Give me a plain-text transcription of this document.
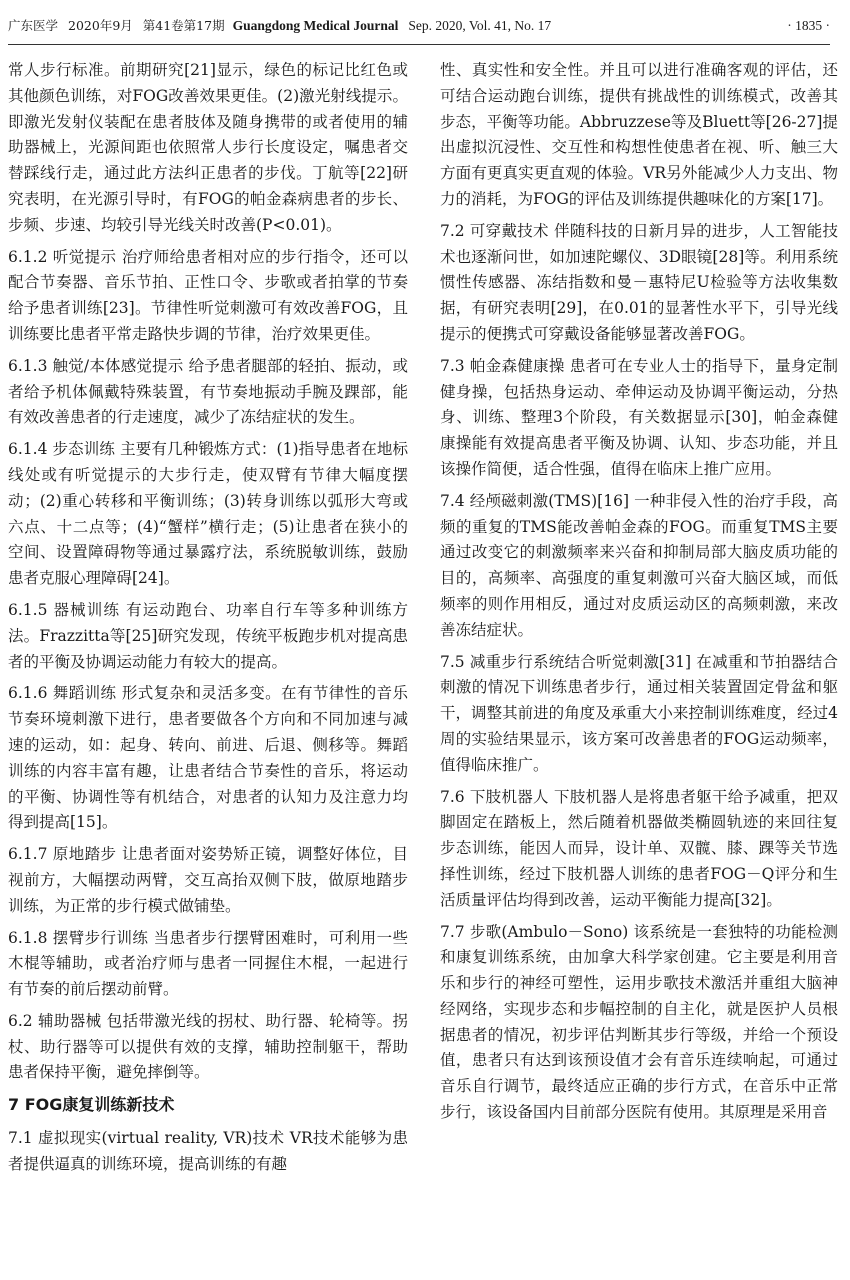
广东医学 2020年9月 第41卷第17期 Guangdong Medical Journal Sep. 2020, Vol. 41, No. 17	· 1835 ·

常人步行标准。前期研究[21]显示，绿色的标记比红色或其他颜色训练，对FOG改善效果更佳。(2)激光射线提示。即激光发射仪装配在患者肢体及随身携带的或者使用的辅助器械上，光源间距也依照常人步行长度设定，嘱患者交替踩线行走，通过此方法纠正患者的步伐。丁航等[22]研究表明，在光源引导时，有FOG的帕金森病患者的步长、步频、步速、均较引导光线关时改善(P<0.01)。

6.1.2 听觉提示 治疗师给患者相对应的步行指令，还可以配合节奏器、音乐节拍、正性口令、步歌或者拍掌的节奏给予患者训练[23]。节律性听觉刺激可有效改善FOG，且训练要比患者平常走路快步调的节律，治疗效果更佳。

6.1.3 触觉/本体感觉提示 给予患者腿部的轻拍、振动，或者给予机体佩戴特殊装置，有节奏地振动手腕及踝部，能有效改善患者的行走速度，减少了冻结症状的发生。

6.1.4 步态训练 主要有几种锻炼方式：(1)指导患者在地标线处或有听觉提示的大步行走，使双臂有节律大幅度摆动；(2)重心转移和平衡训练；(3)转身训练以弧形大弯或六点、十二点等；(4)“蟹样”横行走；(5)让患者在狭小的空间、设置障碍物等通过暴露疗法，系统脱敏训练，鼓励患者克服心理障碍[24]。

6.1.5 器械训练 有运动跑台、功率自行车等多种训练方法。Frazzitta等[25]研究发现，传统平板跑步机对提高患者的平衡及协调运动能力有较大的提高。

6.1.6 舞蹈训练 形式复杂和灵活多变。在有节律性的音乐节奏环境刺激下进行，患者要做各个方向和不同加速与减速的运动，如：起身、转向、前进、后退、侧移等。舞蹈训练的内容丰富有趣，让患者结合节奏性的音乐，将运动的平衡、协调性等有机结合，对患者的认知力及注意力均得到提高[15]。

6.1.7 原地踏步 让患者面对姿势矫正镜，调整好体位，目视前方，大幅摆动两臂，交互高抬双侧下肢，做原地踏步训练，为正常的步行模式做铺垫。

6.1.8 摆臂步行训练 当患者步行摆臂困难时，可利用一些木棍等辅助，或者治疗师与患者一同握住木棍，一起进行有节奏的前后摆动前臂。

6.2 辅助器械 包括带激光线的拐杖、助行器、轮椅等。拐杖、助行器等可以提供有效的支撑，辅助控制躯干，帮助患者保持平衡，避免摔倒等。

7 FOG康复训练新技术

7.1 虚拟现实(virtual reality, VR)技术 VR技术能够为患者提供逼真的训练环境，提高训练的有趣

性、真实性和安全性。并且可以进行准确客观的评估，还可结合运动跑台训练，提供有挑战性的训练模式，改善其步态，平衡等功能。Abbruzzese等及Bluett等[26-27]提出虚拟沉浸性、交互性和构想性使患者在视、听、触三大方面有更真实更直观的体验。VR另外能减少人力支出、物力的消耗，为FOG的评估及训练提供趣味化的方案[17]。

7.2 可穿戴技术 伴随科技的日新月异的进步，人工智能技术也逐渐问世，如加速陀螺仪、3D眼镜[28]等。利用系统惯性传感器、冻结指数和曼－惠特尼U检验等方法收集数据，有研究表明[29]，在0.01的显著性水平下，引导光线提示的便携式可穿戴设备能够显著改善FOG。

7.3 帕金森健康操 患者可在专业人士的指导下，量身定制健身操，包括热身运动、牵伸运动及协调平衡运动，分热身、训练、整理3个阶段，有关数据显示[30]，帕金森健康操能有效提高患者平衡及协调、认知、步态功能，并且该操作简便，适合性强，值得在临床上推广应用。

7.4 经颅磁刺激(TMS)[16] 一种非侵入性的治疗手段，高频的重复的TMS能改善帕金森的FOG。而重复TMS主要通过改变它的刺激频率来兴奋和抑制局部大脑皮质功能的目的，高频率、高强度的重复刺激可兴奋大脑区域，而低频率的则作用相反，通过对皮质运动区的高频刺激，来改善冻结症状。

7.5 减重步行系统结合听觉刺激[31] 在减重和节拍器结合刺激的情况下训练患者步行，通过相关装置固定骨盆和躯干，调整其前进的角度及承重大小来控制训练难度，经过4周的实验结果显示，该方案可改善患者的FOG运动频率，值得临床推广。

7.6 下肢机器人 下肢机器人是将患者躯干给予减重，把双脚固定在踏板上，然后随着机器做类椭圆轨迹的来回往复步态训练，能因人而异，设计单、双髋、膝、踝等关节选择性训练，经过下肢机器人训练的患者FOG－Q评分和生活质量评估均得到改善，运动平衡能力提高[32]。

7.7 步歌(Ambulo－Sono) 该系统是一套独特的功能检测和康复训练系统，由加拿大科学家创建。它主要是利用音乐和步行的神经可塑性，运用步歌技术激活并重组大脑神经网络，实现步态和步幅控制的自主化，就是医护人员根据患者的情况，初步评估判断其步行等级，并给一个预设值，患者只有达到该预设值才会有音乐连续响起，可通过音乐自行调节，最终适应正确的步行方式，在音乐中正常步行，该设备国内目前部分医院有使用。其原理是采用音
